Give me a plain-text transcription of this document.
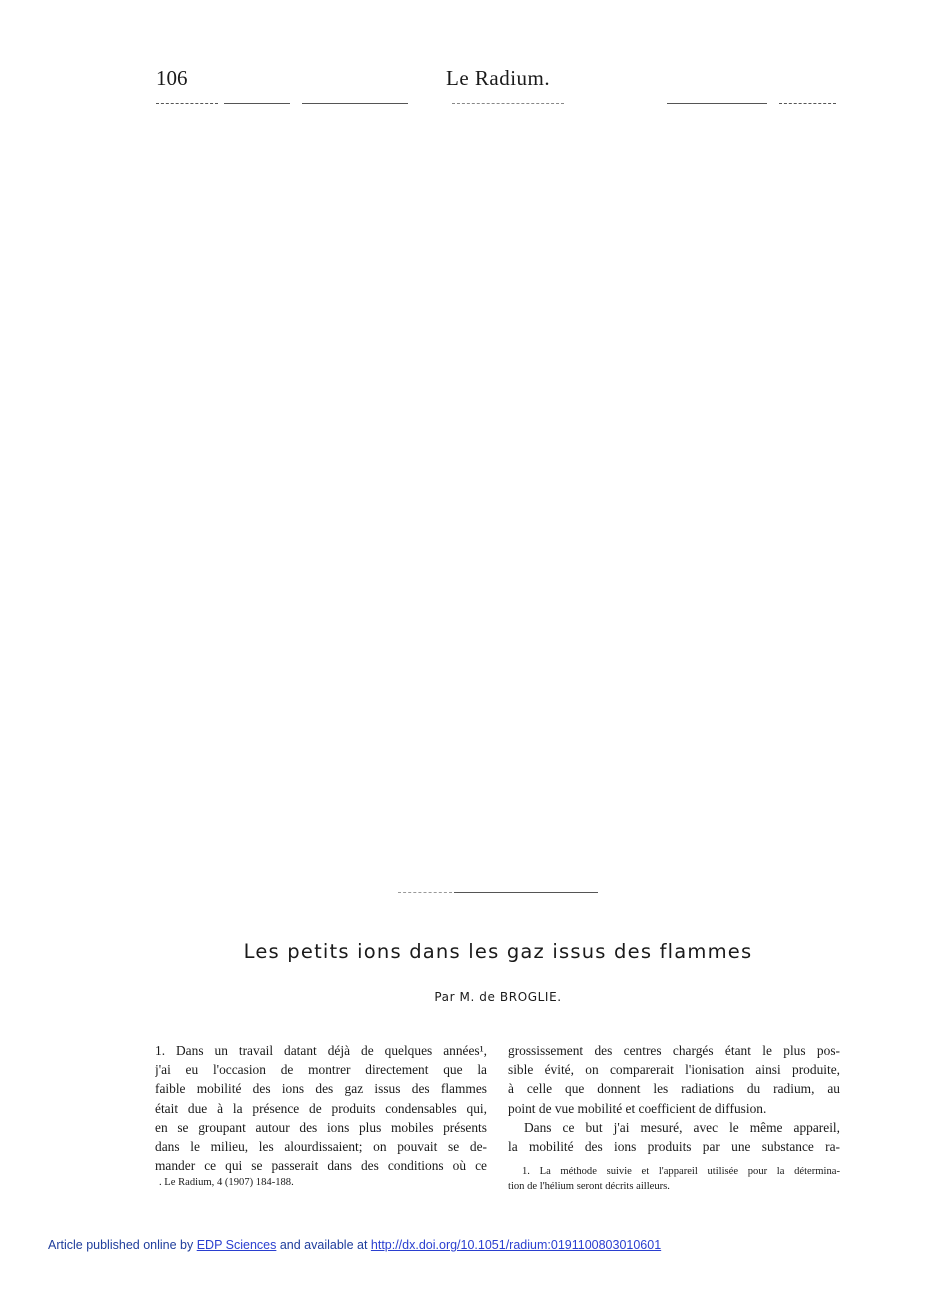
106	Le Radium.
Les petits ions dans les gaz issus des flammes
Par M. de BROGLIE.
1. Dans un travail datant déjà de quelques années¹,
j'ai eu l'occasion de montrer directement que la
faible mobilité des ions des gaz issus des flammes
était due à la présence de produits condensables qui,
en se groupant autour des ions plus mobiles présents
dans le milieu, les alourdissaient; on pouvait se de-
mander ce qui se passerait dans des conditions où ce
. Le Radium, 4 (1907) 184-188.
grossissement des centres chargés étant le plus pos-
sible évité, on comparerait l'ionisation ainsi produite,
à celle que donnent les radiations du radium, au
point de vue mobilité et coefficient de diffusion.
Dans ce but j'ai mesuré, avec le même appareil,
la mobilité des ions produits par une substance ra-
1. La méthode suivie et l'appareil utilisée pour la détermina-
tion de l'hélium seront décrits ailleurs.
Article published online by EDP Sciences and available at http://dx.doi.org/10.1051/radium:0191100803010601
